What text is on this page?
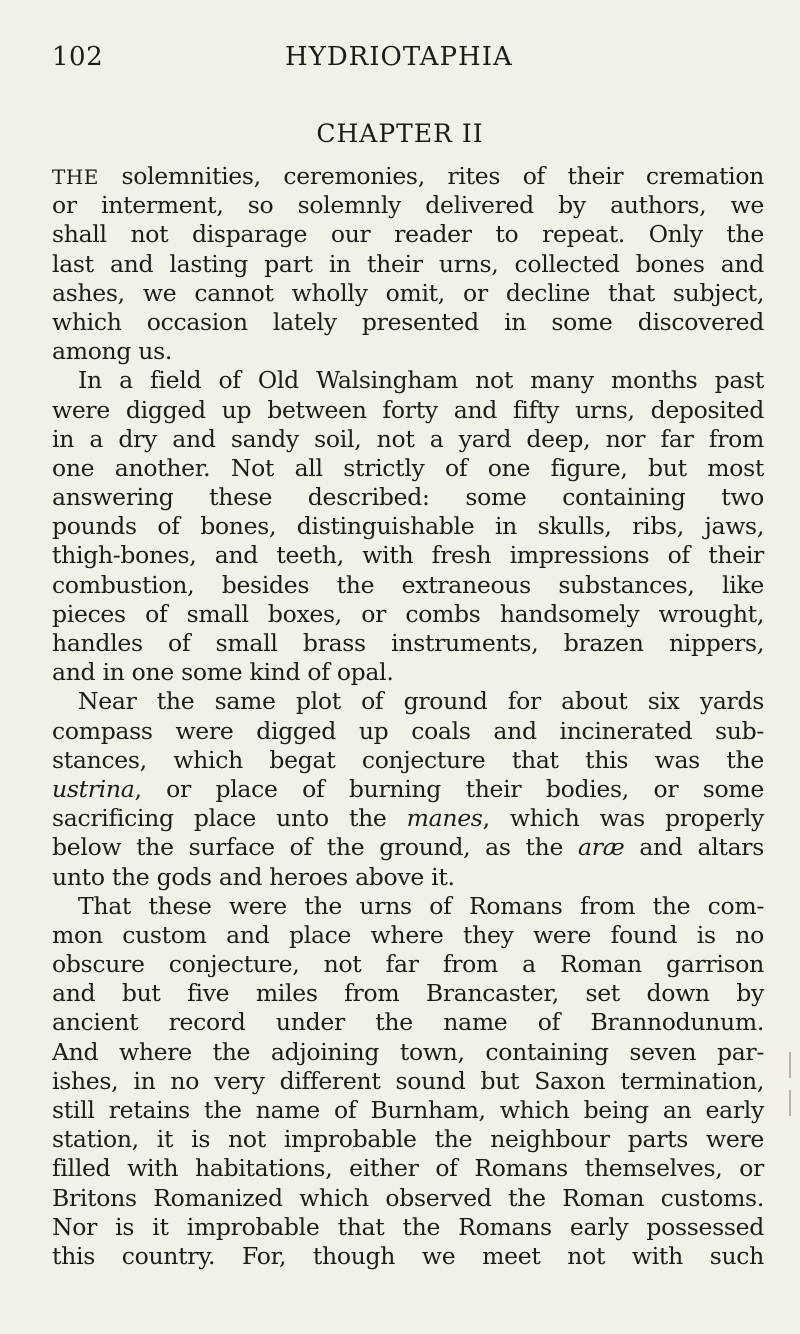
102	HYDRIOTAPHIA
CHAPTER II
THE solemnities, ceremonies, rites of their cremation
or interment, so solemnly delivered by authors, we
shall not disparage our reader to repeat. Only the
last and lasting part in their urns, collected bones and
ashes, we cannot wholly omit, or decline that subject,
which occasion lately presented in some discovered
among us.
In a field of Old Walsingham not many months past
were digged up between forty and fifty urns, deposited
in a dry and sandy soil, not a yard deep, nor far from
one another. Not all strictly of one figure, but most
answering these described: some containing two
pounds of bones, distinguishable in skulls, ribs, jaws,
thigh-bones, and teeth, with fresh impressions of their
combustion, besides the extraneous substances, like
pieces of small boxes, or combs handsomely wrought,
handles of small brass instruments, brazen nippers,
and in one some kind of opal.
Near the same plot of ground for about six yards
compass were digged up coals and incinerated sub-
stances, which begat conjecture that this was the
ustrina, or place of burning their bodies, or some
sacrificing place unto the manes, which was properly
below the surface of the ground, as the aræ and altars
unto the gods and heroes above it.
That these were the urns of Romans from the com-
mon custom and place where they were found is no
obscure conjecture, not far from a Roman garrison
and but five miles from Brancaster, set down by
ancient record under the name of Brannodunum.
And where the adjoining town, containing seven par-
ishes, in no very different sound but Saxon termination,
still retains the name of Burnham, which being an early
station, it is not improbable the neighbour parts were
filled with habitations, either of Romans themselves, or
Britons Romanized which observed the Roman customs.
Nor is it improbable that the Romans early possessed
this country. For, though we meet not with such
